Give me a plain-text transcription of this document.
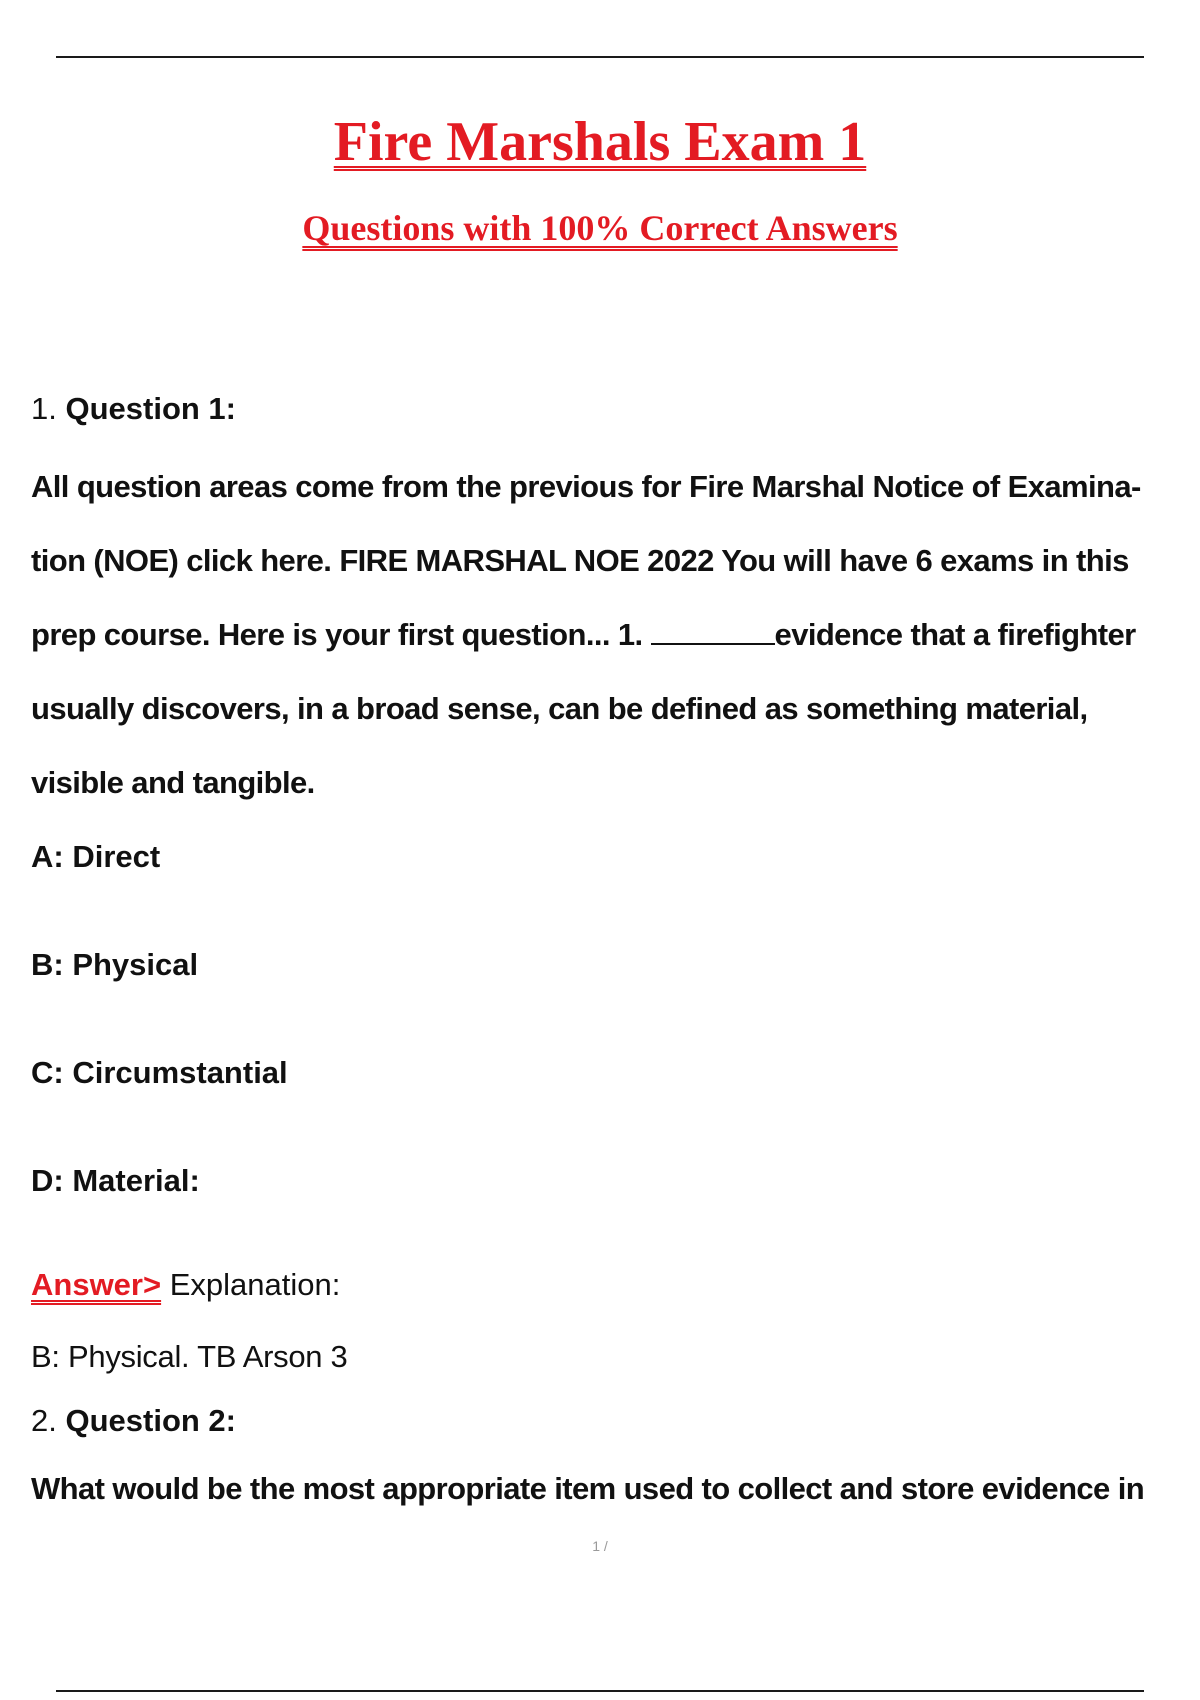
Fire Marshals Exam 1
Questions with 100% Correct Answers
1. Question 1:
All question areas come from the previous for Fire Marshal Notice of Examina-
tion (NOE) click here. FIRE MARSHAL NOE 2022 You will have 6 exams in this
prep course. Here is your first question... 1.	evidence that a firefighter
usually discovers, in a broad sense, can be defined as something material,
visible and tangible.
A: Direct
B: Physical
C: Circumstantial
D: Material:
Answer> Explanation:
B: Physical. TB Arson 3
2. Question 2:
What would be the most appropriate item used to collect and store evidence in
1 /
